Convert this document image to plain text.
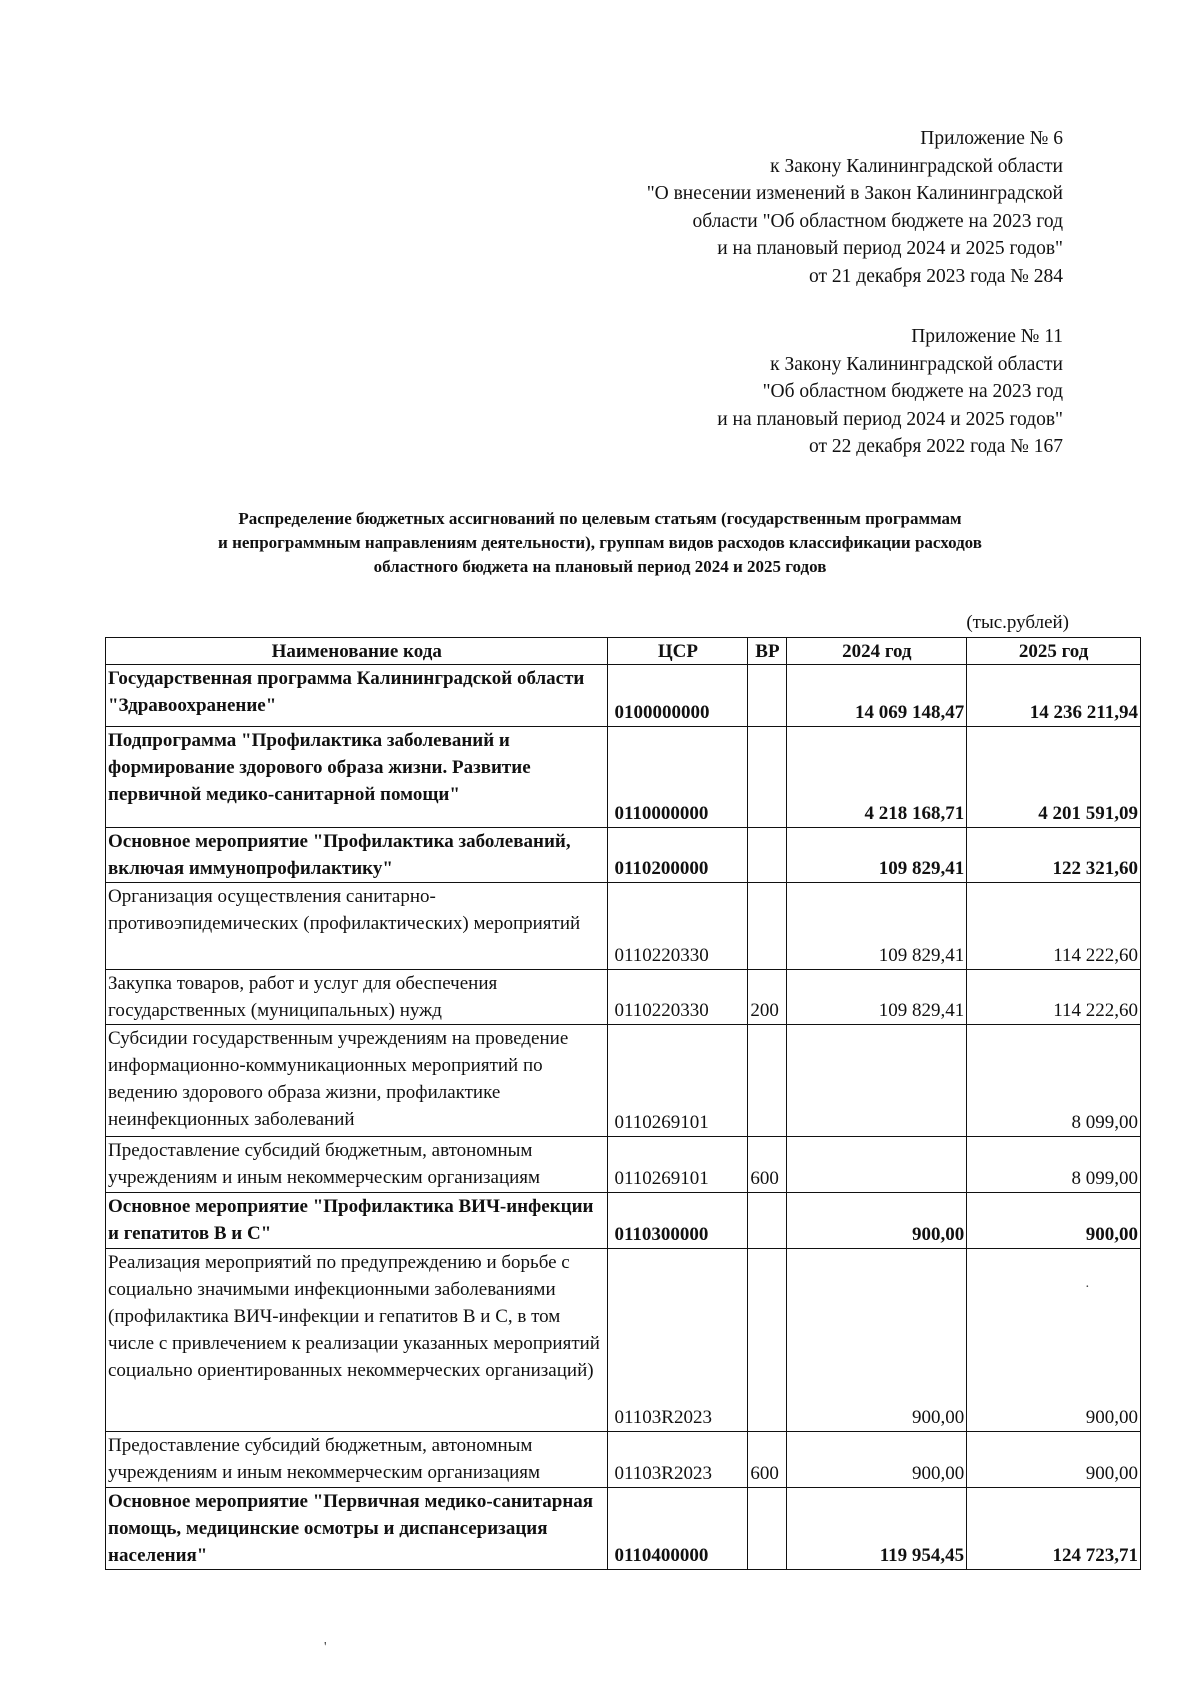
Приложение № 6
к Закону Калининградской области
"О внесении изменений в Закон Калининградской
области "Об областном бюджете на 2023 год
и на плановый период 2024 и 2025 годов"
от 21 декабря 2023 года № 284
Приложение № 11
к Закону Калининградской области
"Об областном бюджете на 2023 год
и на плановый период 2024 и 2025 годов"
от 22 декабря 2022 года № 167
Распределение бюджетных ассигнований по целевым статьям (государственным программам
и непрограммным направлениям деятельности), группам видов расходов классификации расходов
областного бюджета на плановый период 2024 и 2025 годов
(тыс.рублей)
Наименование кода	ЦСР	ВР	2024 год	2025 год
Государственная программа Калининградской области "Здравоохранение"	0100000000		14 069 148,47	14 236 211,94
Подпрограмма "Профилактика заболеваний и формирование здорового образа жизни. Развитие первичной медико-санитарной помощи"	0110000000		4 218 168,71	4 201 591,09
Основное мероприятие "Профилактика заболеваний, включая иммунопрофилактику"	0110200000		109 829,41	122 321,60
Организация осуществления санитарно-противоэпидемических (профилактических) мероприятий	0110220330		109 829,41	114 222,60
Закупка товаров, работ и услуг для обеспечения государственных (муниципальных) нужд	0110220330	200	109 829,41	114 222,60
Субсидии государственным учреждениям на проведение информационно-коммуникационных мероприятий по ведению здорового образа жизни, профилактике неинфекционных заболеваний	0110269101			8 099,00
Предоставление субсидий бюджетным, автономным учреждениям и иным некоммерческим организациям	0110269101	600		8 099,00
Основное мероприятие "Профилактика ВИЧ-инфекции и гепатитов В и С"	0110300000		900,00	900,00
Реализация мероприятий по предупреждению и борьбе с социально значимыми инфекционными заболеваниями (профилактика ВИЧ-инфекции и гепатитов В и С, в том числе с привлечением к реализации указанных мероприятий социально ориентированных некоммерческих организаций)	01103R2023		900,00	900,00
Предоставление субсидий бюджетным, автономным учреждениям и иным некоммерческим организациям	01103R2023	600	900,00	900,00
Основное мероприятие "Первичная медико-санитарная помощь, медицинские осмотры и диспансеризация населения"	0110400000		119 954,45	124 723,71
·
'
